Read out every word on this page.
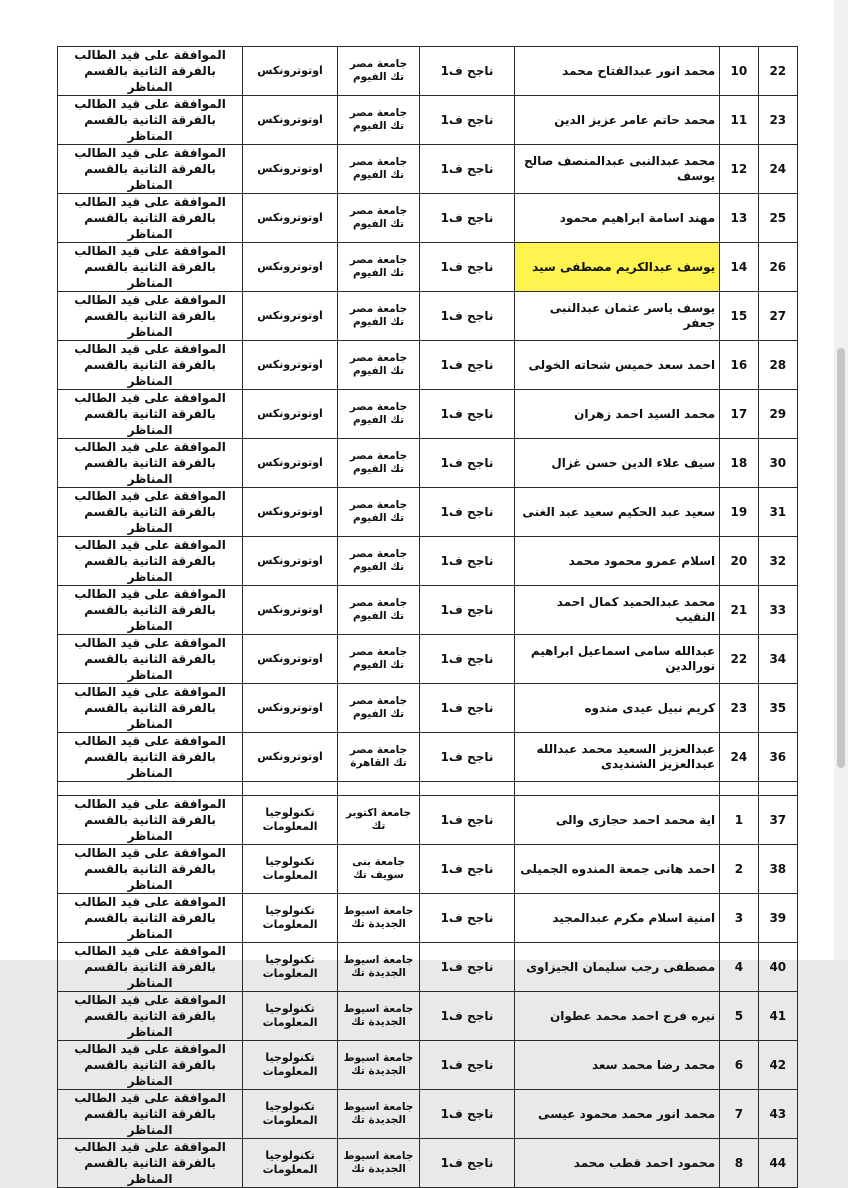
22	10	محمد انور عبدالفتاح محمد	ناجح ف1	جامعة مصر تك الفيوم	اوتوترونكس	الموافقة على قيد الطالب بالفرقة الثانية بالقسم المناظر
23	11	محمد حاتم عامر عزيز الدين	ناجح ف1	جامعة مصر تك الفيوم	اوتوترونكس	الموافقة على قيد الطالب بالفرقة الثانية بالقسم المناظر
24	12	محمد عبدالنبى عبدالمنصف صالح يوسف	ناجح ف1	جامعة مصر تك الفيوم	اوتوترونكس	الموافقة على قيد الطالب بالفرقة الثانية بالقسم المناظر
25	13	مهند اسامة ابراهيم محمود	ناجح ف1	جامعة مصر تك الفيوم	اوتوترونكس	الموافقة على قيد الطالب بالفرقة الثانية بالقسم المناظر
26	14	يوسف عبدالكريم مصطفى سيد	ناجح ف1	جامعة مصر تك الفيوم	اوتوترونكس	الموافقة على قيد الطالب بالفرقة الثانية بالقسم المناظر
27	15	يوسف ياسر عثمان عبدالنبى جعفر	ناجح ف1	جامعة مصر تك الفيوم	اوتوترونكس	الموافقة على قيد الطالب بالفرقة الثانية بالقسم المناظر
28	16	احمد سعد خميس شحاته الخولى	ناجح ف1	جامعة مصر تك الفيوم	اوتوترونكس	الموافقة على قيد الطالب بالفرقة الثانية بالقسم المناظر
29	17	محمد السيد احمد زهران	ناجح ف1	جامعة مصر تك الفيوم	اوتوترونكس	الموافقة على قيد الطالب بالفرقة الثانية بالقسم المناظر
30	18	سيف علاء الدين حسن غزال	ناجح ف1	جامعة مصر تك الفيوم	اوتوترونكس	الموافقة على قيد الطالب بالفرقة الثانية بالقسم المناظر
31	19	سعيد عبد الحكيم سعيد عبد الغنى	ناجح ف1	جامعة مصر تك الفيوم	اوتوترونكس	الموافقة على قيد الطالب بالفرقة الثانية بالقسم المناظر
32	20	اسلام عمرو محمود محمد	ناجح ف1	جامعة مصر تك الفيوم	اوتوترونكس	الموافقة على قيد الطالب بالفرقة الثانية بالقسم المناظر
33	21	محمد عبدالحميد كمال احمد النقيب	ناجح ف1	جامعة مصر تك الفيوم	اوتوترونكس	الموافقة على قيد الطالب بالفرقة الثانية بالقسم المناظر
34	22	عبدالله سامى اسماعيل ابراهيم نورالدين	ناجح ف1	جامعة مصر تك الفيوم	اوتوترونكس	الموافقة على قيد الطالب بالفرقة الثانية بالقسم المناظر
35	23	كريم نبيل عيدى مندوه	ناجح ف1	جامعة مصر تك الفيوم	اوتوترونكس	الموافقة على قيد الطالب بالفرقة الثانية بالقسم المناظر
36	24	عبدالعزيز السعيد محمد عبدالله عبدالعزيز الشنديدى	ناجح ف1	جامعة مصر تك القاهرة	اوتوترونكس	الموافقة على قيد الطالب بالفرقة الثانية بالقسم المناظر

37	1	اية محمد احمد حجازى والى	ناجح ف1	جامعة اكتوبر تك	تكنولوجيا المعلومات	الموافقة على قيد الطالب بالفرقة الثانية بالقسم المناظر
38	2	احمد هانى جمعة المندوه الجميلى	ناجح ف1	جامعة بنى سويف تك	تكنولوجيا المعلومات	الموافقة على قيد الطالب بالفرقة الثانية بالقسم المناظر
39	3	امنية اسلام مكرم عبدالمجيد	ناجح ف1	جامعة اسيوط الجديدة تك	تكنولوجيا المعلومات	الموافقة على قيد الطالب بالفرقة الثانية بالقسم المناظر
40	4	مصطفى رجب سليمان الجيزاوى	ناجح ف1	جامعة اسيوط الجديدة تك	تكنولوجيا المعلومات	الموافقة على قيد الطالب بالفرقة الثانية بالقسم المناظر
41	5	نيره فرج احمد محمد عطوان	ناجح ف1	جامعة اسيوط الجديدة تك	تكنولوجيا المعلومات	الموافقة على قيد الطالب بالفرقة الثانية بالقسم المناظر
42	6	محمد رضا محمد سعد	ناجح ف1	جامعة اسيوط الجديدة تك	تكنولوجيا المعلومات	الموافقة على قيد الطالب بالفرقة الثانية بالقسم المناظر
43	7	محمد انور محمد محمود عيسى	ناجح ف1	جامعة اسيوط الجديدة تك	تكنولوجيا المعلومات	الموافقة على قيد الطالب بالفرقة الثانية بالقسم المناظر
44	8	محمود احمد قطب محمد	ناجح ف1	جامعة اسيوط الجديدة تك	تكنولوجيا المعلومات	الموافقة على قيد الطالب بالفرقة الثانية بالقسم المناظر
